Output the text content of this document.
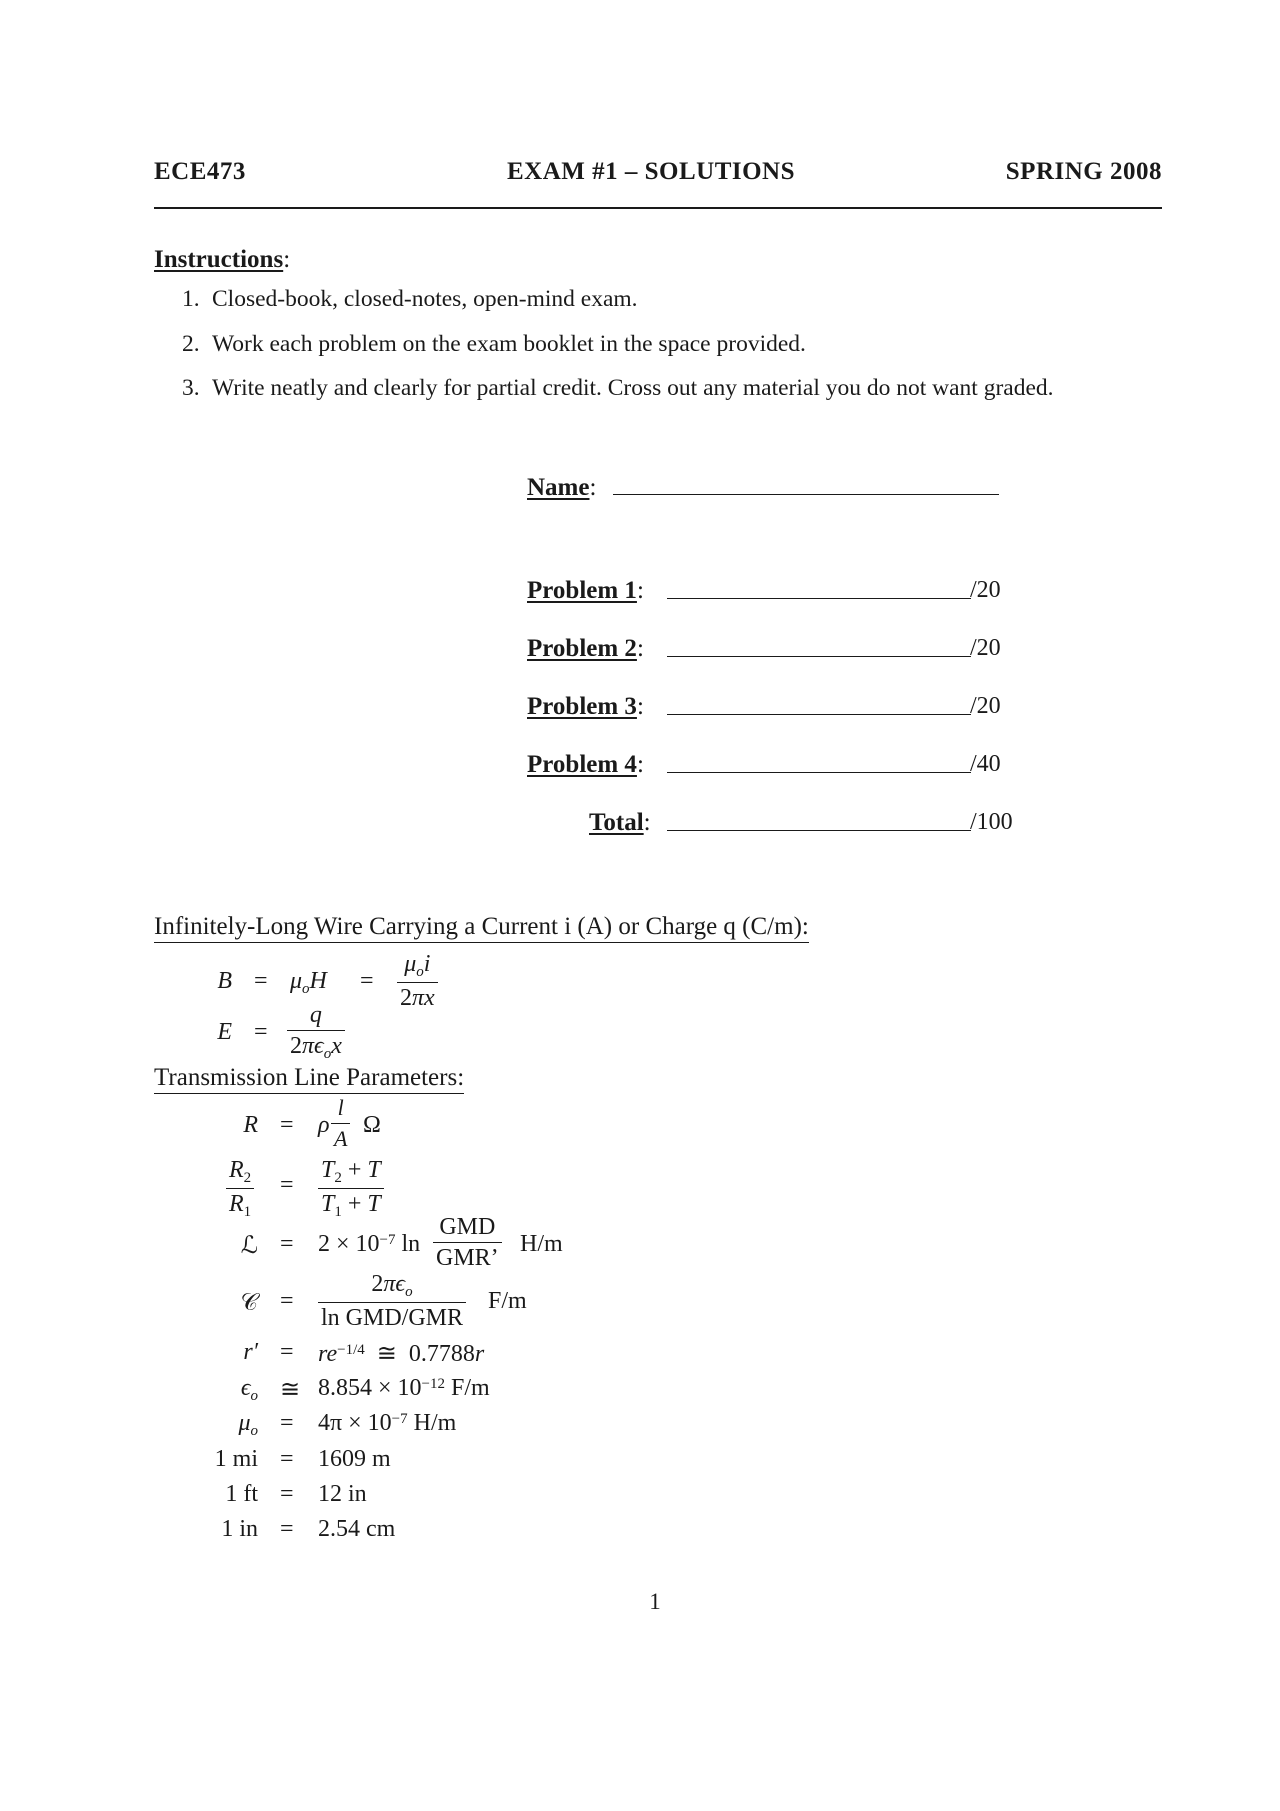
ECE473	EXAM #1 – SOLUTIONS	SPRING 2008
Instructions:
1. Closed-book, closed-notes, open-mind exam.
2. Work each problem on the exam booklet in the space provided.
3. Write neatly and clearly for partial credit. Cross out any material you do not want graded.
Name:
Problem 1:	/20
Problem 2:	/20
Problem 3:	/20
Problem 4:	/40
Total:	/100
Infinitely-Long Wire Carrying a Current i (A) or Charge q (C/m):
$B = \mu_oH$ =
$\mu_oi$
2πx
E =
q
$2\pi\epsilon_ox$
Transmission Line Parameters:
R = ρ $\frac{l}{A}$ Ω
$\frac{R_2}{R_1} = \frac{T_2 + T}{T_1 + T}$
ℒ = $2 \times 10^{-7}$ ln
GMD
GMR’
H/m
𝒞 =
$2\pi\epsilon_o$
ln GMD/GMR
F/m
$r' = re^{-1/4}$  ≅  0.7788r
$\epsilon_o$ ≅ $8.854 \times 10^{-12}$ F/m
$\mu_o = 4\pi \times 10^{-7}$ H/m
1 mi = 1609 m
1 ft = 12 in
1 in = 2.54 cm
1
